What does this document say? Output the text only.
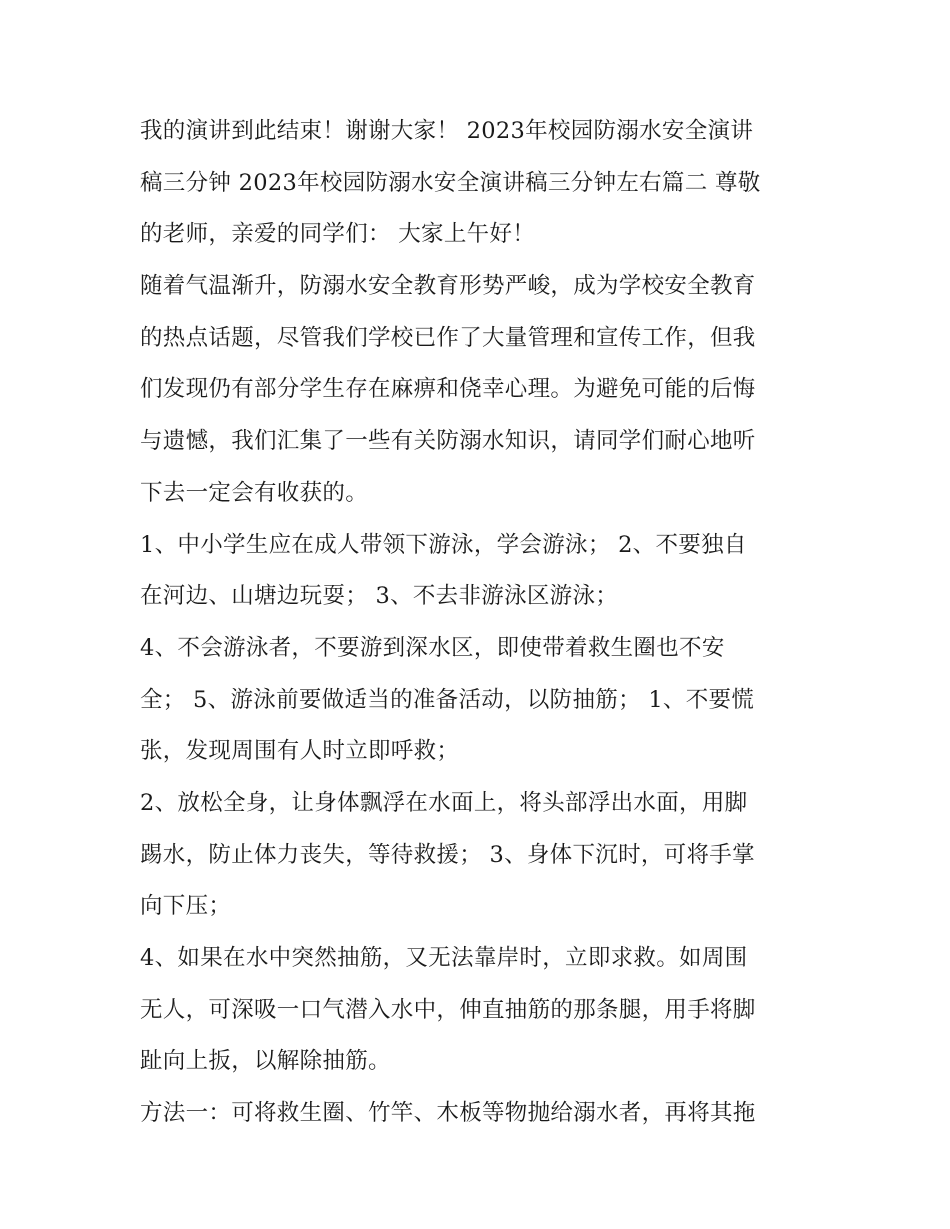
我的演讲到此结束！谢谢大家！ 2023年校园防溺水安全演讲
稿三分钟 2023年校园防溺水安全演讲稿三分钟左右篇二 尊敬
的老师，亲爱的同学们： 大家上午好！
随着气温渐升，防溺水安全教育形势严峻，成为学校安全教育
的热点话题，尽管我们学校已作了大量管理和宣传工作，但我
们发现仍有部分学生存在麻痹和侥幸心理。为避免可能的后悔
与遗憾，我们汇集了一些有关防溺水知识，请同学们耐心地听
下去一定会有收获的。
1、中小学生应在成人带领下游泳，学会游泳； 2、不要独自
在河边、山塘边玩耍； 3、不去非游泳区游泳；
4、不会游泳者，不要游到深水区，即使带着救生圈也不安
全； 5、游泳前要做适当的准备活动，以防抽筋； 1、不要慌
张，发现周围有人时立即呼救；
2、放松全身，让身体飘浮在水面上，将头部浮出水面，用脚
踢水，防止体力丧失，等待救援； 3、身体下沉时，可将手掌
向下压；
4、如果在水中突然抽筋，又无法靠岸时，立即求救。如周围
无人，可深吸一口气潜入水中，伸直抽筋的那条腿，用手将脚
趾向上扳，以解除抽筋。
方法一：可将救生圈、竹竿、木板等物抛给溺水者，再将其拖
